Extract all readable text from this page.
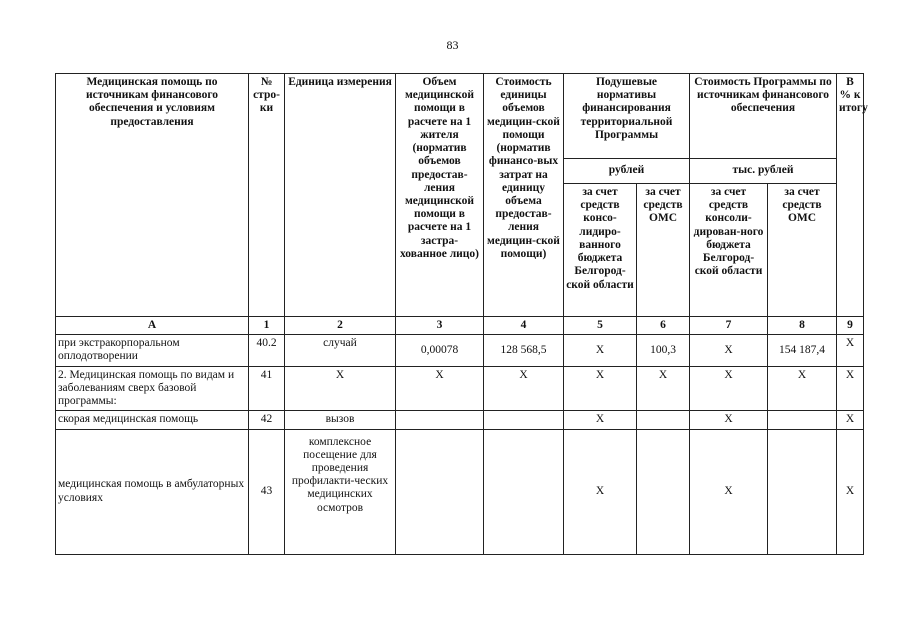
83
Медицинская помощь по источникам финансового обеспечения и условиям предоставления	№ стро-ки	Единица измерения	Объем медицинской помощи в расчете на 1 жителя (норматив объемов предостав-ления медицинской помощи в расчете на 1 застра-хованное лицо)	Стоимость единицы объемов медицин-ской помощи (норматив финансо-вых затрат на единицу объема предостав-ления медицин-ской помощи)	Подушевые нормативы финансирования территориальной Программы		Стоимость Программы по источникам финансового обеспечения		В % к итогу
					рублей		тыс. рублей		
					за счет средств консо-лидиро-ванного бюджета Белгород-ской области	за счет средств ОМС	за счет средств консоли-дирован-ного бюджета Белгород-ской области	за счет средств ОМС	
А	1	2	3	4	5	6	7	8	9
при экстракорпоральном оплодотворении	40.2	случай	0,00078	128 568,5	Х	100,3	Х	154 187,4	Х
2. Медицинская помощь по видам и заболеваниям сверх базовой программы:	41	Х	Х	Х	Х	Х	Х	Х	Х
скорая медицинская помощь	42	вызов			Х		Х		Х
медицинская помощь в амбулаторных условиях	43	комплексное посещение для проведения профилакти-ческих медицинских осмотров			Х		Х		Х
